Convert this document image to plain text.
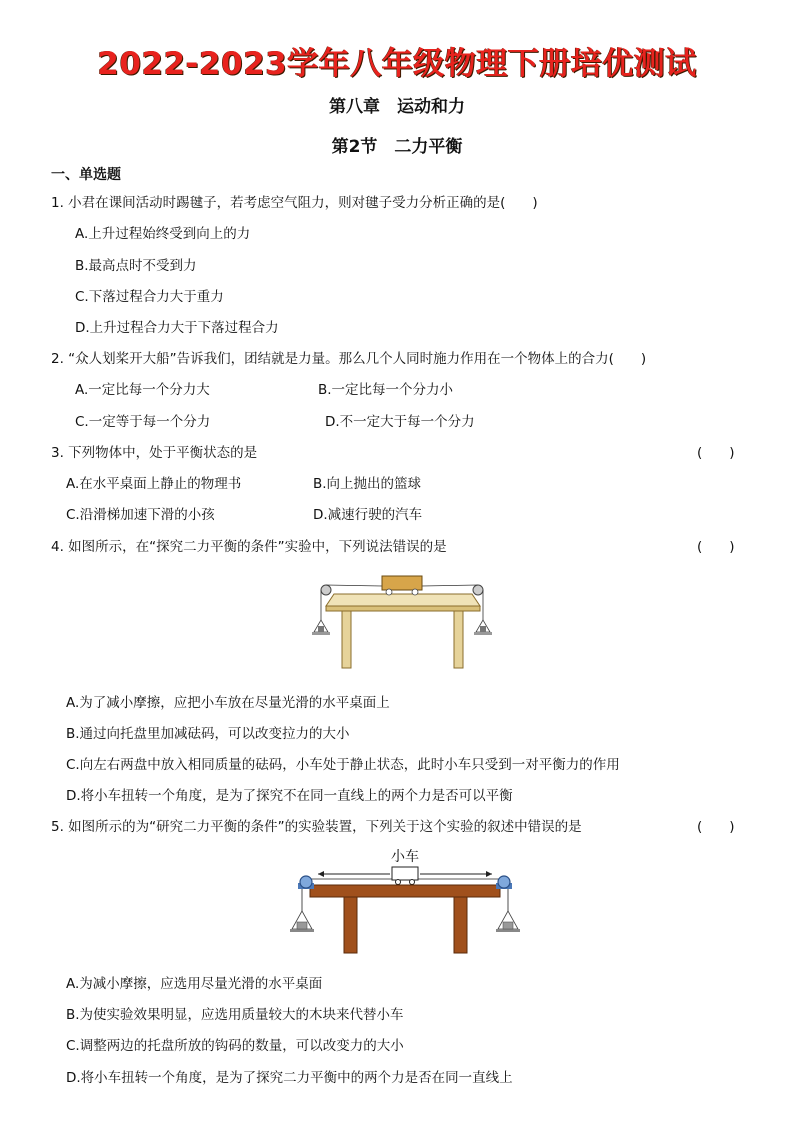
2022-2023学年八年级物理下册培优测试
第八章　运动和力
第2节　二力平衡
一、单选题
1. 小君在课间活动时踢毽子，若考虑空气阻力，则对毽子受力分析正确的是(　　)
A.上升过程始终受到向上的力
B.最高点时不受到力
C.下落过程合力大于重力
D.上升过程合力大于下落过程合力
2. “众人划桨开大船”告诉我们，团结就是力量。那么几个人同时施力作用在一个物体上的合力(　　)
A.一定比每一个分力大	B.一定比每一个分力小
C.一定等于每一个分力	D.不一定大于每一个分力
3. 下列物体中，处于平衡状态的是	(　　)
A.在水平桌面上静止的物理书	B.向上抛出的篮球
C.沿滑梯加速下滑的小孩	D.减速行驶的汽车
4. 如图所示，在“探究二力平衡的条件”实验中，下列说法错误的是	(　　)
A.为了减小摩擦，应把小车放在尽量光滑的水平桌面上
B.通过向托盘里加减砝码，可以改变拉力的大小
C.向左右两盘中放入相同质量的砝码，小车处于静止状态，此时小车只受到一对平衡力的作用
D.将小车扭转一个角度，是为了探究不在同一直线上的两个力是否可以平衡
5. 如图所示的为“研究二力平衡的条件”的实验装置，下列关于这个实验的叙述中错误的是	(　　)
小车
A.为减小摩擦，应选用尽量光滑的水平桌面
B.为使实验效果明显，应选用质量较大的木块来代替小车
C.调整两边的托盘所放的钩码的数量，可以改变力的大小
D.将小车扭转一个角度，是为了探究二力平衡中的两个力是否在同一直线上
